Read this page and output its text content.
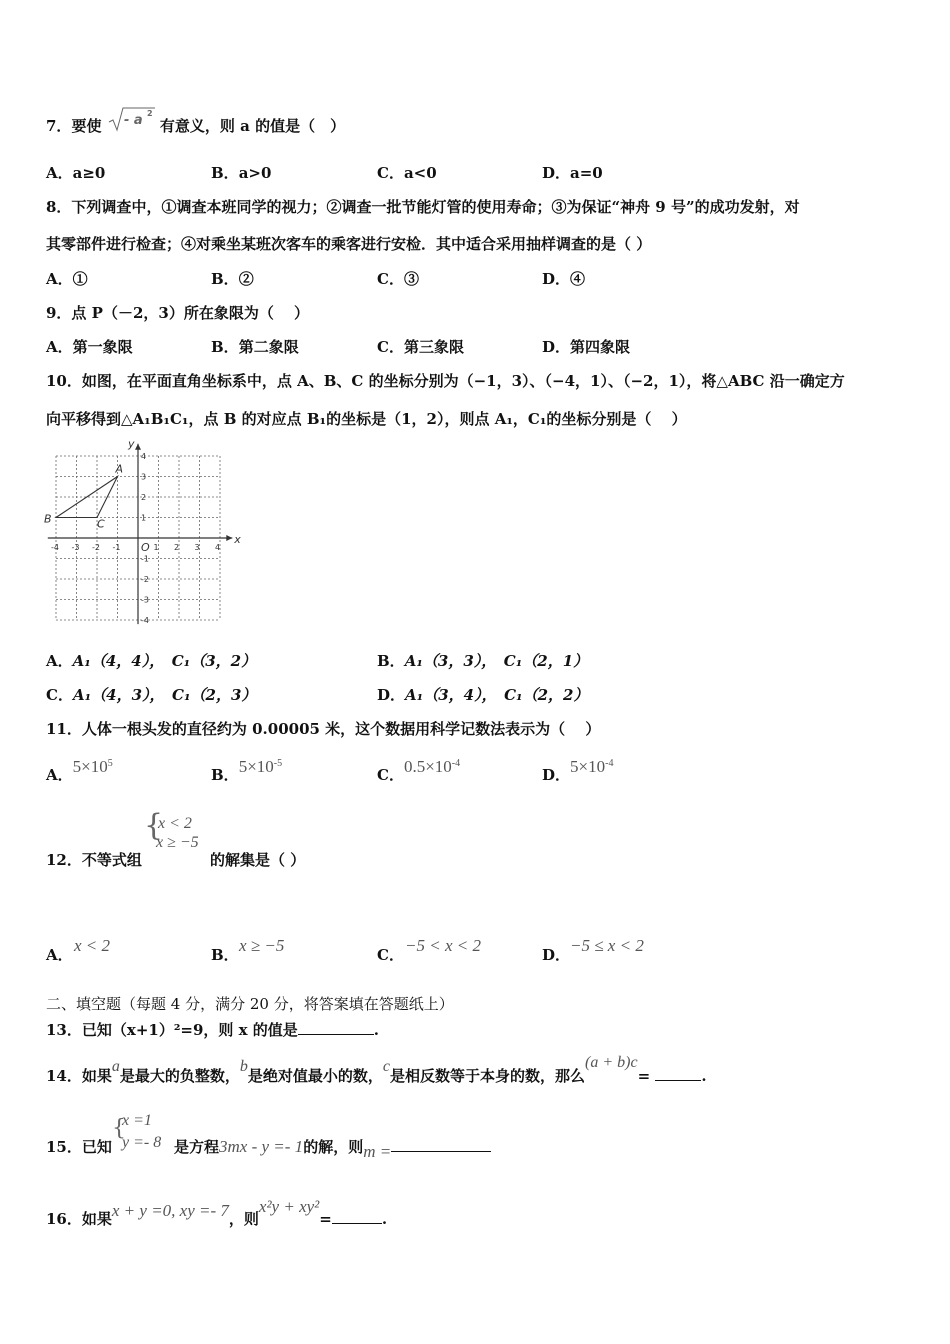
7．要使 - a 2
有意义，则 a 的值是（　）
A．a≥0	B．a>0	C．a<0	D．a=0
8．下列调查中，①调查本班同学的视力；②调查一批节能灯管的使用寿命；③为保证“神舟 9 号”的成功发射，对
其零部件进行检查；④对乘坐某班次客车的乘客进行安检．其中适合采用抽样调查的是（ ）
A．①	B．②	C．③	D．④
9．点 P（－2，3）所在象限为（　 ）
A．第一象限	B．第二象限	C．第三象限	D．第四象限
10．如图，在平面直角坐标系中，点 A、B、C 的坐标分别为（−1，3）、（−4，1）、（−2，1），将△ABC 沿一确定方
向平移得到△A₁B₁C₁，点 B 的对应点 B₁的坐标是（1，2），则点 A₁，C₁的坐标分别是（　 ）
x
y
O
-4 -3 -2 -1	1 2 3 4
4
3
2
1
-1
-2
-3
-4
A
B	C
A．A₁（4，4），　C₁（3，2）	B．A₁（3，3），　C₁（2，1）
C．A₁（4，3），　C₁（2，3）	D．A₁（3，4），　C₁（2，2）
11．人体一根头发的直径约为 0.00005 米，这个数据用科学记数法表示为（　 ）
A．$5\times 10^5$
B．$5\times 10^{-5}$
C．$0.5\times 10^{-4}$
D．$5\times 10^{-4}$
12．不等式组
{
x < 2
x ≥ −5
的解集是（ ）
A． x < 2	B． x ≥ −5	C． −5 < x < 2	D． −5 ≤ x < 2
二、填空题（每题 4 分，满分 20 分，将答案填在答题纸上）
13．已知（x+1）²=9，则 x 的值是	.
14．如果a是最大的负整数，b是绝对值最小的数，c是相反数等于本身的数，那么(a + b)c=	.
15．已知
{
x =1
y =- 8 是方程3mx - y =- 1的解，则m =
16．如果x + y =0, xy =- 7，则x²y + xy²=	.
